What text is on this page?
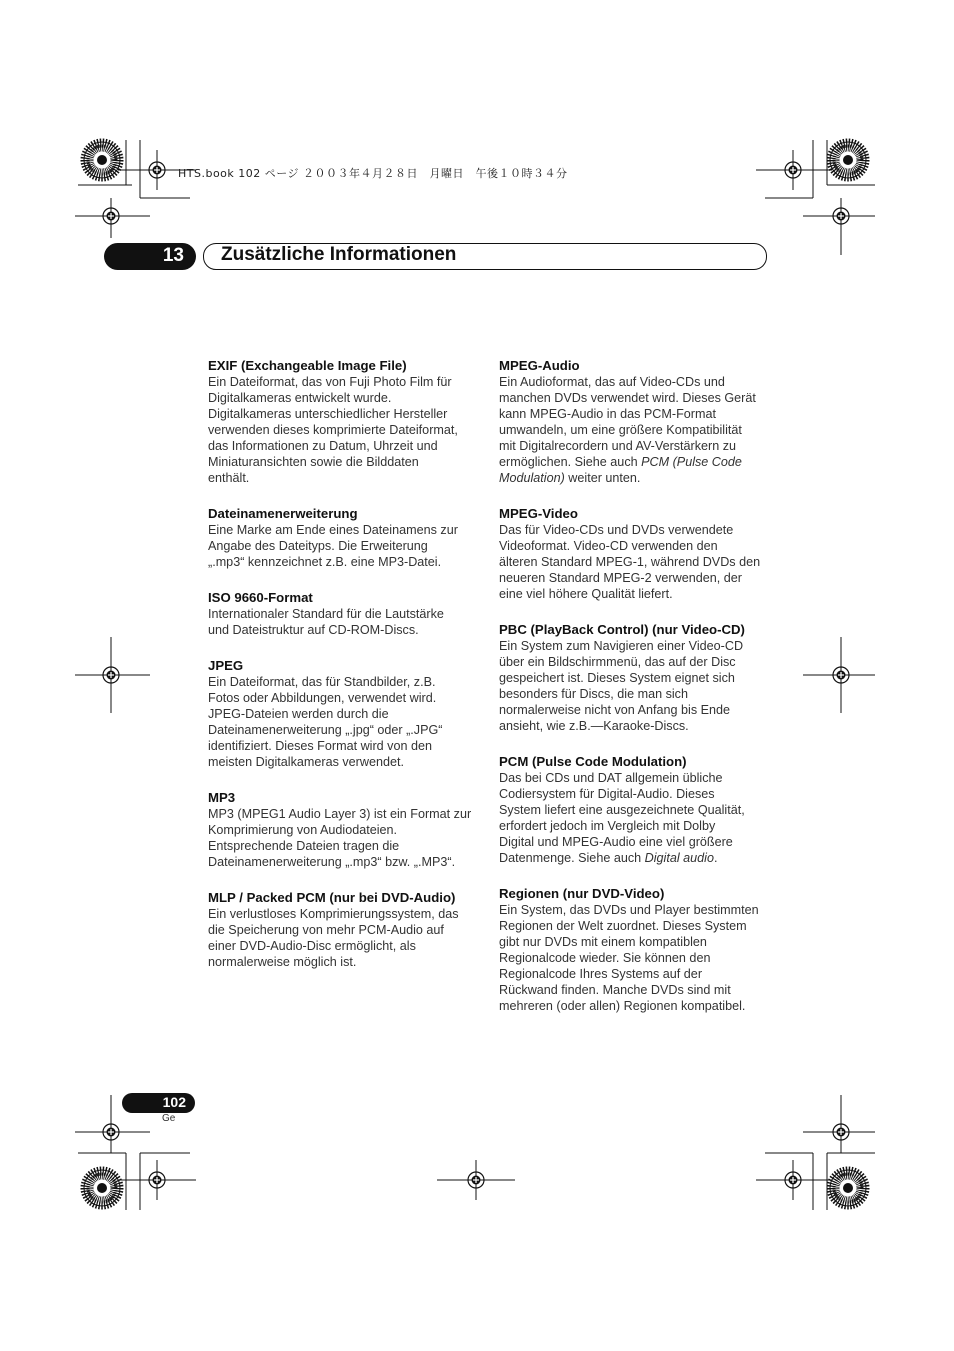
HTS.book 102 ページ ２００３年４月２８日　月曜日　午後１０時３４分
13 Zusätzliche Informationen
EXIF (Exchangeable Image File)
Ein Dateiformat, das von Fuji Photo Film für
Digitalkameras entwickelt wurde.
Digitalkameras unterschiedlicher Hersteller
verwenden dieses komprimierte Dateiformat,
das Informationen zu Datum, Uhrzeit und
Miniaturansichten sowie die Bilddaten
enthält.
Dateinamenerweiterung
Eine Marke am Ende eines Dateinamens zur
Angabe des Dateityps. Die Erweiterung
„.mp3“ kennzeichnet z.B. eine MP3-Datei.
ISO 9660-Format
Internationaler Standard für die Lautstärke
und Dateistruktur auf CD-ROM-Discs.
JPEG
Ein Dateiformat, das für Standbilder, z.B.
Fotos oder Abbildungen, verwendet wird.
JPEG-Dateien werden durch die
Dateinamenerweiterung „.jpg“ oder „.JPG“
identifiziert. Dieses Format wird von den
meisten Digitalkameras verwendet.
MP3
MP3 (MPEG1 Audio Layer 3) ist ein Format zur
Komprimierung von Audiodateien.
Entsprechende Dateien tragen die
Dateinamenerweiterung „.mp3“ bzw. „.MP3“.
MLP / Packed PCM (nur bei DVD-Audio)
Ein verlustloses Komprimierungssystem, das
die Speicherung von mehr PCM-Audio auf
einer DVD-Audio-Disc ermöglicht, als
normalerweise möglich ist.
MPEG-Audio
Ein Audioformat, das auf Video-CDs und
manchen DVDs verwendet wird. Dieses Gerät
kann MPEG-Audio in das PCM-Format
umwandeln, um eine größere Kompatibilität
mit Digitalrecordern und AV-Verstärkern zu
ermöglichen. Siehe auch PCM (Pulse Code
Modulation) weiter unten.
MPEG-Video
Das für Video-CDs und DVDs verwendete
Videoformat. Video-CD verwenden den
älteren Standard MPEG-1, während DVDs den
neueren Standard MPEG-2 verwenden, der
eine viel höhere Qualität liefert.
PBC (PlayBack Control) (nur Video-CD)
Ein System zum Navigieren einer Video-CD
über ein Bildschirmmenü, das auf der Disc
gespeichert ist. Dieses System eignet sich
besonders für Discs, die man sich
normalerweise nicht von Anfang bis Ende
ansieht, wie z.B.—Karaoke-Discs.
PCM (Pulse Code Modulation)
Das bei CDs und DAT allgemein übliche
Codiersystem für Digital-Audio. Dieses
System liefert eine ausgezeichnete Qualität,
erfordert jedoch im Vergleich mit Dolby
Digital und MPEG-Audio eine viel größere
Datenmenge. Siehe auch Digital audio.
Regionen (nur DVD-Video)
Ein System, das DVDs und Player bestimmten
Regionen der Welt zuordnet. Dieses System
gibt nur DVDs mit einem kompatiblen
Regionalcode wieder. Sie können den
Regionalcode Ihres Systems auf der
Rückwand finden. Manche DVDs sind mit
mehreren (oder allen) Regionen kompatibel.
102
Ge
